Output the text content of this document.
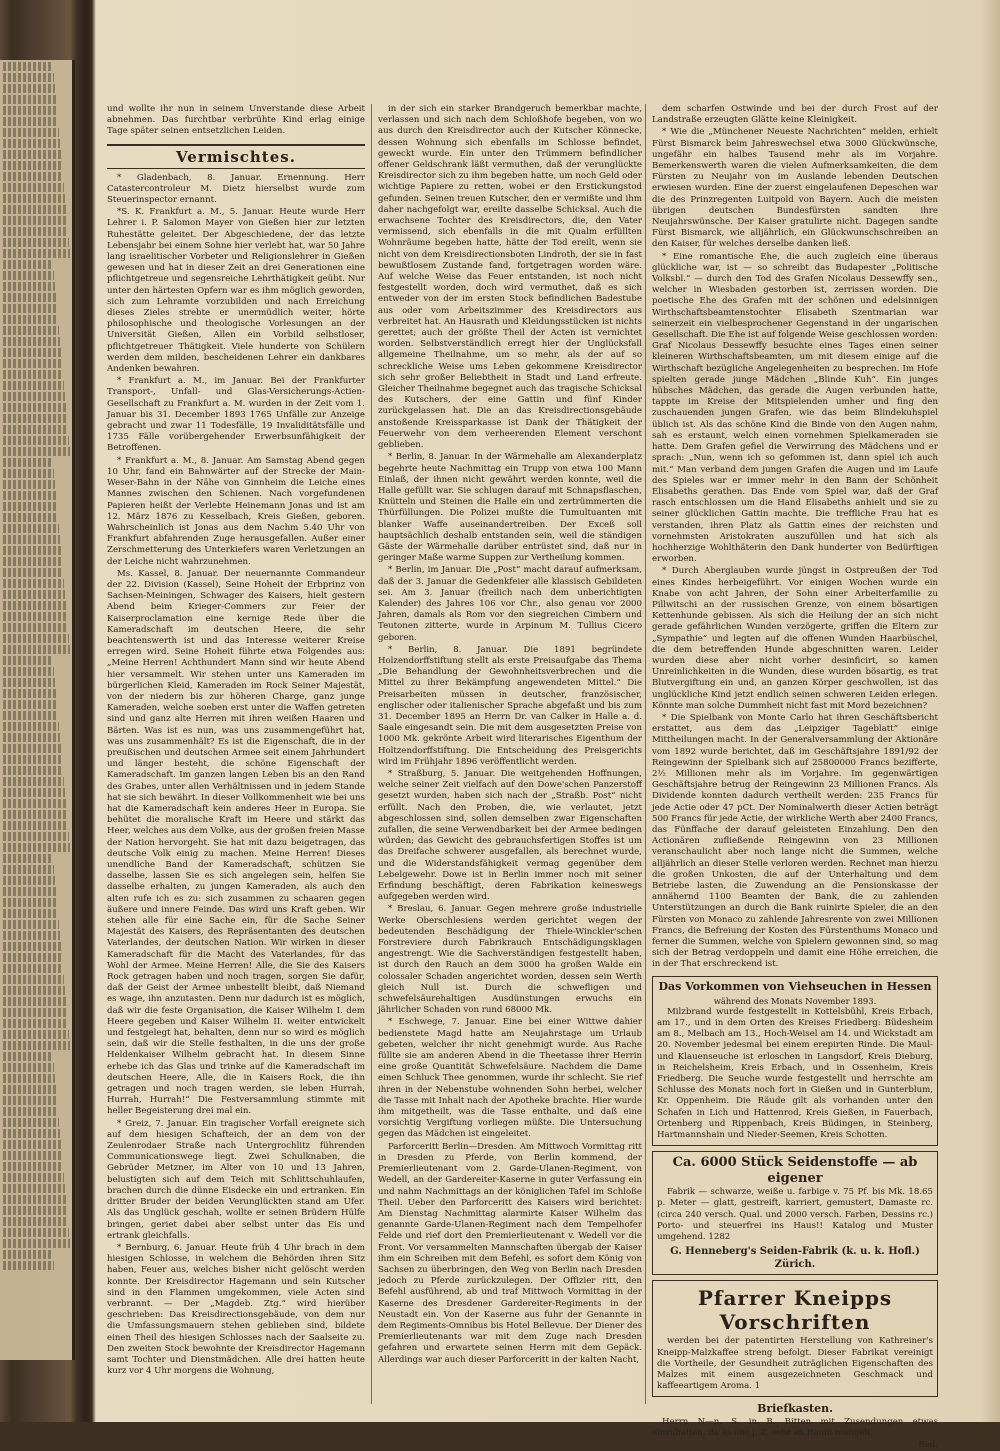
und wollte ihr nun in seinem Unverstande diese Arbeit abnehmen. Das furchtbar verbrühte Kind erlag einige Tage später seinen entsetzlichen Leiden.
Vermischtes.

* Gladenbach, 8. Januar. Ernennung. Herr Catastercontroleur M. Dietz hierselbst wurde zum Steuerinspector ernannt.

*S. K. Frankfurt a. M., 5. Januar. Heute wurde Herr Lehrer i. P. Salomon Mayer von Gießen hier zur letzten Ruhestätte geleitet. Der Abgeschiedene, der das letzte Lebensjahr bei einem Sohne hier verlebt hat, war 50 Jahre lang israelitischer Vorbeter und Religionslehrer in Gießen gewesen und hat in dieser Zeit an drei Generationen eine pflichtgetreue und segensreiche Lehrthätigkeit geübt. Nur unter den härtesten Opfern war es ihm möglich geworden, sich zum Lehramte vorzubilden und nach Erreichung dieses Zieles strebte er unermüdlich weiter, hörte philosophische und theologische Vorlesungen an der Universität Gießen, Allen ein Vorbild selbstloser, pflichtgetreuer Thätigkeit. Viele hunderte von Schülern werden dem milden, bescheidenen Lehrer ein dankbares Andenken bewahren.

* Frankfurt a. M., im Januar. Bei der Frankfurter Transport-, Unfall- und Glas-Versicherungs-Actien-Gesellschaft zu Frankfurt a. M. wurden in der Zeit vom 1. Januar bis 31. December 1893 1765 Unfälle zur Anzeige gebracht und zwar 11 Todesfälle, 19 Invaliditätsfälle und 1735 Fälle vorübergehender Erwerbsunfähigkeit der Betroffenen.

* Frankfurt a. M., 8. Januar. Am Samstag Abend gegen 10 Uhr, fand ein Bahnwärter auf der Strecke der Main-Weser-Bahn in der Nähe von Ginnheim die Leiche eines Mannes zwischen den Schienen. Nach vorgefundenen Papieren heißt der Verlebte Heinemann Jonas und ist am 12. März 1876 zu Kesselbach, Kreis Gießen, geboren. Wahrscheinlich ist Jonas aus dem Nachm 5.40 Uhr von Frankfurt abfahrenden Zuge herausgefallen. Außer einer Zerschmetterung des Unterkiefers waren Verletzungen an der Leiche nicht wahrzunehmen.

Ms. Kassel, 8. Januar. Der neuernannte Commandeur der 22. Division (Kassel), Seine Hoheit der Erbprinz von Sachsen-Meiningen, Schwager des Kaisers, hielt gestern Abend beim Krieger-Commers zur Feier der Kaiserproclamation eine kernige Rede über die Kameradschaft im deutschen Heere, die sehr beachtenswerth ist und das Interesse weiterer Kreise erregen wird. Seine Hoheit führte etwa Folgendes aus: „Meine Herren! Achthundert Mann sind wir heute Abend hier versammelt. Wir stehen unter uns Kameraden im bürgerlichen Kleid, Kameraden im Rock Seiner Majestät, von der niedern bis zur höheren Charge, ganz junge Kameraden, welche soeben erst unter die Waffen getreten sind und ganz alte Herren mit ihren weißen Haaren und Bärten. Was ist es nun, was uns zusammengeführt hat, was uns zusammenhält? Es ist die Eigenschaft, die in der preußischen und deutschen Armee seit einem Jahrhundert und länger besteht, die schöne Eigenschaft der Kameradschaft. Im ganzen langen Leben bis an den Rand des Grabes, unter allen Verhältnissen und in jedem Stande hat sie sich bewährt. In dieser Vollkommenheit wie bei uns hat die Kameradschaft kein anderes Heer in Europa. Sie behütet die moralische Kraft im Heere und stärkt das Heer, welches aus dem Volke, aus der großen freien Masse der Nation hervorgeht. Sie hat mit dazu beigetragen, das deutsche Volk einig zu machen. Meine Herren! Dieses unendliche Band der Kameradschaft, schützen Sie dasselbe, lassen Sie es sich angelegen sein, helfen Sie dasselbe erhalten, zu jungen Kameraden, als auch den alten rufe ich es zu: sich zusammen zu schaaren gegen äußere und innere Feinde. Das wird uns Kraft geben. Wir stehen alle für eine Sache ein, für die Sache Seiner Majestät des Kaisers, des Repräsentanten des deutschen Vaterlandes, der deutschen Nation. Wir wirken in dieser Kameradschaft für die Macht des Vaterlandes, für das Wohl der Armee. Meine Herren! Alle, die Sie des Kaisers Rock getragen haben und noch tragen, sorgen Sie dafür, daß der Geist der Armee unbestellt bleibt, daß Niemand es wage, ihn anzutasten. Denn nur dadurch ist es möglich, daß wir die feste Organisation, die Kaiser Wilhelm I. dem Heere gegeben und Kaiser Wilhelm II. weiter entwickelt und festgelegt hat, behalten, denn nur so wird es möglich sein, daß wir die Stelle festhalten, in die uns der große Heldenkaiser Wilhelm gebracht hat. In diesem Sinne erhebe ich das Glas und trinke auf die Kameradschaft im deutschen Heere, Alle, die in Kaisers Rock, die ihn getragen und noch tragen werden, sie leben Hurrah, Hurrah, Hurrah!“ Die Festversammlung stimmte mit heller Begeisterung drei mal ein.

* Greiz, 7. Januar. Ein tragischer Vorfall ereignete sich auf dem hiesigen Schafteich, der an dem von der Zeulenrodaer Straße nach Untergrochlitz führenden Communicationswege liegt. Zwei Schulknaben, die Gebrüder Metzner, im Alter von 10 und 13 Jahren, belustigten sich auf dem Teich mit Schlittschuhlaufen, brachen durch die dünne Eisdecke ein und ertranken. Ein dritter Bruder der beiden Verunglückten stand am Ufer. Als das Unglück geschah, wollte er seinen Brüdern Hülfe bringen, geriet dabei aber selbst unter das Eis und ertrank gleichfalls.

* Bernburg, 6. Januar. Heute früh 4 Uhr brach in dem hiesigen Schlosse, in welchem die Behörden ihren Sitz haben, Feuer aus, welches bisher nicht gelöscht werden konnte. Der Kreisdirector Hagemann und sein Kutscher sind in den Flammen umgekommen, viele Acten sind verbrannt. — Der „Magdeb. Ztg.“ wird hierüber geschrieben: Das Kreisdirectionsgebäude, von dem nur die Umfassungsmauern stehen geblieben sind, bildete einen Theil des hiesigen Schlosses nach der Saalseite zu. Den zweiten Stock bewohnte der Kreisdirector Hagemann samt Tochter und Dienstmädchen. Alle drei hatten heute kurz vor 4 Uhr morgens die Wohnung,

in der sich ein starker Brandgeruch bemerkbar machte, verlassen und sich nach dem Schloßhofe begeben, von wo aus durch den Kreisdirector auch der Kutscher Könnecke, dessen Wohnung sich ebenfalls im Schlosse befindet, geweckt wurde. Ein unter den Trümmern befindlicher offener Geldschrank läßt vermuthen, daß der verunglückte Kreisdirector sich zu ihm begeben hatte, um noch Geld oder wichtige Papiere zu retten, wobei er den Erstickungstod gefunden. Seinen treuen Kutscher, den er vermißte und ihm daher nachgefolgt war, ereilte dasselbe Schicksal. Auch die erwachsene Tochter des Kreisdirectors, die, den Vater vermissend, sich ebenfalls in die mit Qualm erfüllten Wohnräume begeben hatte, hätte der Tod ereilt, wenn sie nicht von dem Kreisdirectionsboten Lindroth, der sie in fast bewußtlosem Zustande fand, fortgetragen worden wäre. Auf welche Weise das Feuer entstanden, ist noch nicht festgestellt worden, doch wird vermuthet, daß es sich entweder von der im ersten Stock befindlichen Badestube aus oder vom Arbeitszimmer des Kreisdirectors aus verbreitet hat. An Hausrath und Kleidungsstücken ist nichts gerettet; auch der größte Theil der Acten ist vernichtet worden. Selbstverständlich erregt hier der Unglücksfall allgemeine Theilnahme, um so mehr, als der auf so schreckliche Weise ums Leben gekommene Kreisdirector sich sehr großer Beliebtheit in Stadt und Land erfreute. Gleicher Theilnahme begegnet auch das tragische Schicksal des Kutschers, der eine Gattin und fünf Kinder zurückgelassen hat. Die an das Kreisdirectionsgebäude anstoßende Kreissparkasse ist Dank der Thätigkeit der Feuerwehr von dem verheerenden Element verschont geblieben.

* Berlin, 8. Januar. In der Wärmehalle am Alexanderplatz begehrte heute Nachmittag ein Trupp von etwa 100 Mann Einlaß, der ihnen nicht gewährt werden konnte, weil die Halle gefüllt war. Sie schlugen darauf mit Schnapsflaschen, Knütteln und Steinen die Halle ein und zertrümmerten die Thürfüllungen. Die Polizei mußte die Tumultuanten mit blanker Waffe auseinandertreiben. Der Exceß soll hauptsächlich deshalb entstanden sein, weil die ständigen Gäste der Wärmehalle darüber entrüstet sind, daß nur in geringer Maße warme Suppen zur Vertheilung kommen.

* Berlin, im Januar. Die „Post“ macht darauf aufmerksam, daß der 3. Januar die Gedenkfeier alle klassisch Gebildeten sei. Am 3. Januar (freilich nach dem unberichtigten Kalender) des Jahres 106 vor Chr., also genau vor 2000 Jahren, damals als Rom vor den siegreichen Cimbern und Teutonen zitterte, wurde in Arpinum M. Tullius Cicero geboren.

* Berlin, 8. Januar. Die 1891 begründete Holzendorffstiftung stellt als erste Preisaufgabe das Thema „Die Behandlung der Gewohnheitsverbrechen und die Mittel zu ihrer Bekämpfung angewendeten Mittel.“ Die Preisarbeiten müssen in deutscher, französischer, englischer oder italienischer Sprache abgefaßt und bis zum 31. December 1895 an Herrn Dr. van Calker in Halle a. d. Saale eingesandt sein. Die mit dem ausgesetzten Preise von 1000 Mk. gekrönte Arbeit wird literarisches Eigenthum der Holtzendorffstiftung. Die Entscheidung des Preisgerichts wird im Frühjahr 1896 veröffentlicht werden.

* Straßburg, 5. Januar. Die weitgehenden Hoffnungen, welche seiner Zeit vielfach auf den Dowe'schen Panzerstoff gesetzt wurden, haben sich nach der „Straßb. Post“ nicht erfüllt. Nach den Proben, die, wie verlautet, jetzt abgeschlossen sind, sollen demselben zwar Eigenschaften zufallen, die seine Verwendbarkeit bei der Armee bedingen würden; das Gewicht des gebrauchsfertigen Stoffes ist um das Dreifache schwerer ausgefallen, als berechnet wurde, und die Widerstandsfähigkeit vermag gegenüber dem Lebelgewehr. Dowe ist in Berlin immer noch mit seiner Erfindung beschäftigt, deren Fabrikation keineswegs aufgegeben werden wird.

* Breslau, 6. Januar. Gegen mehrere große industrielle Werke Oberschlesiens werden gerichtet wegen der bedeutenden Beschädigung der Thiele-Winckler'schen Forstreviere durch Fabrikrauch Entschädigungsklagen angestrengt. Wie die Sachverständigen festgestellt haben, ist durch den Rauch an dem 3000 ha großen Walde ein colossaler Schaden angerichtet worden, dessen sein Werth gleich Null ist. Durch die schwefligen und schwefelsäurehaltigen Ausdünstungen erwuchs ein jährlicher Schaden von rund 68000 Mk.

* Eschwege, 7. Januar. Eine bei einer Wittwe dahier bedienstete Magd hatte am Neujahrstage um Urlaub gebeten, welcher ihr nicht genehmigt wurde. Aus Rache füllte sie am anderen Abend in die Theetasse ihrer Herrin eine große Quantität Schwefelsäure. Nachdem die Dame einen Schluck Thee genommen, wurde ihr schlecht. Sie rief ihren in der Nebenstube wohnenden Sohn herbei, welcher die Tasse mit Inhalt nach der Apotheke brachte. Hier wurde ihm mitgetheilt, was die Tasse enthalte, und daß eine vorsichtig Vergiftung vorliegen müßte. Die Untersuchung gegen das Mädchen ist eingeleitet.

Parforceritt Berlin—Dresden. Am Mittwoch Vormittag ritt in Dresden zu Pferde, von Berlin kommend, der Premierlieutenant vom 2. Garde-Ulanen-Regiment, von Wedell, an der Gardereiter-Kaserne in guter Verfassung ein und nahm Nachmittags an der königlichen Tafel im Schloße Theil. Ueber den Parforceritt des Kaisers wird berichtet: Am Dienstag Nachmittag alarmirte Kaiser Wilhelm das genannte Garde-Ulanen-Regiment nach dem Tempelhofer Felde und rief dort den Premierlieutenant v. Wedell vor die Front. Vor versammelten Mannschaften übergab der Kaiser ihm ein Schreiben mit dem Befehl, es sofort dem König von Sachsen zu überbringen, den Weg von Berlin nach Dresden jedoch zu Pferde zurückzulegen. Der Offizier ritt, den Befehl ausführend, ab und traf Mittwoch Vormittag in der Kaserne des Dresdener Gardereiter-Regiments in der Neustadt ein. Von der Kaserne aus fuhr der Genannte in dem Regiments-Omnibus bis Hotel Bellevue. Der Diener des Premierlieutenants war mit dem Zuge nach Dresden gefahren und erwartete seinen Herrn mit dem Gepäck. Allerdings war auch dieser Parforceritt in der kalten Nacht,

dem scharfen Ostwinde und bei der durch Frost auf der Landstraße erzeugten Glätte keine Kleinigkeit.

* Wie die „Münchener Neueste Nachrichten“ melden, erhielt Fürst Bismarck beim Jahreswechsel etwa 3000 Glückwünsche, ungefähr ein halbes Tausend mehr als im Vorjahre. Bemerkenswerth waren die vielen Aufmerksamkeiten, die dem Fürsten zu Neujahr von im Auslande lebenden Deutschen erwiesen wurden. Eine der zuerst eingelaufenen Depeschen war die des Prinzregenten Luitpold von Bayern. Auch die meisten übrigen deutschen Bundesfürsten sandten ihre Neujahrswünsche. Der Kaiser gratulirte nicht. Dagegen sandte Fürst Bismarck, wie alljährlich, ein Glückwunschschreiben an den Kaiser, für welches derselbe danken ließ.

* Eine romantische Ehe, die auch zugleich eine überaus glückliche war, ist — so schreibt das Budapester „Politische Volksbl.“ — durch den Tod des Grafen Nicolaus Dessewffy sen., welcher in Wiesbaden gestorben ist, zerrissen worden. Die poetische Ehe des Grafen mit der schönen und edelsinnigen Wirthschaftsbeamtenstochter Elisabeth Szentmarian war seinerzeit ein vielbesprochener Gegenstand in der ungarischen Gesellschaft. Die Ehe ist auf folgende Weise geschlossen worden: Graf Nicolaus Dessewffy besuchte eines Tages einen seiner kleineren Wirthschaftsbeamten, um mit diesem einige auf die Wirthschaft bezügliche Angelegenheiten zu besprechen. Im Hofe spielten gerade junge Mädchen „Blinde Kuh“. Ein junges hübsches Mädchen, das gerade die Augen verbunden hatte, tappte im Kreise der Mitspielenden umher und fing den zuschauenden jungen Grafen, wie das beim Blindekuhspiel üblich ist. Als das schöne Kind die Binde von den Augen nahm, sah es erstaunt, welch einen vornehmen Spielkameraden sie hatte. Dem Grafen gefiel die Verwirrung des Mädchens und er sprach: „Nun, wenn ich so gefommen ist, dann spiel ich auch mit.“ Man verband dem jungen Grafen die Augen und im Laufe des Spieles war er immer mehr in den Bann der Schönheit Elisabeths gerathen. Das Ende vom Spiel war, daß der Graf rasch entschlossen um die Hand Elisabeths anhielt und sie zu seiner glücklichen Gattin machte. Die treffliche Frau hat es verstanden, ihren Platz als Gattin eines der reichsten und vornehmsten Aristokraten auszufüllen und hat sich als hochherzige Wohlthäterin den Dank hunderter von Bedürftigen erworben.

* Durch Aberglauben wurde jüngst in Ostpreußen der Tod eines Kindes herbeigeführt. Vor einigen Wochen wurde ein Knabe von acht Jahren, der Sohn einer Arbeiterfamilie zu Pillwitschi an der russischen Grenze, von einem bösartigen Kettenhunde gebissen. Als sich die Heilung der an sich nicht gerade gefährlichen Wunden verzögerte, griffen die Eltern zur „Sympathie“ und legten auf die offenen Wunden Haarbüschel, die dem betreffenden Hunde abgeschnitten waren. Leider wurden diese aber nicht vorher desinficirt, so kamen Unreinlichkeiten in die Wunden, diese wurden bösartig, es trat Blutvergiftung ein und, an ganzen Körper geschwollen, ist das unglückliche Kind jetzt endlich seinen schweren Leiden erlegen. Könnte man solche Dummheit nicht fast mit Mord bezeichnen?

* Die Spielbank von Monte Carlo hat ihren Geschäftsbericht erstattet, aus dem das „Leipziger Tageblatt“ einige Mittheilungen macht. In der Generalversammlung der Aktionäre vom 1892 wurde berichtet, daß im Geschäftsjahre 1891/92 der Reingewinn der Spielbank sich auf 25800000 Francs bezifferte, 2½ Millionen mehr als im Vorjahre. Im gegenwärtigen Geschäftsjahre betrug der Reingewinn 23 Millionen Francs. Als Dividende konnten dadurch vertheilt werden: 235 Francs für jede Actie oder 47 pCt. Der Nominalwerth dieser Actien beträgt 500 Francs für jede Actie, der wirkliche Werth aber 2400 Francs, das Fünffache der darauf geleisteten Einzahlung. Den den Actionären zufließende Reingewinn von 23 Millionen veranschaulicht aber noch lange nicht die Summen, welche alljährlich an dieser Stelle verloren werden. Rechnet man hierzu die großen Unkosten, die auf der Unterhaltung und dem Betriebe lasten, die Zuwendung an die Pensionskasse der annähernd 1100 Beamten der Bank, die zu zahlenden Unterstützungen an durch die Bank ruinirte Spieler, die an den Fürsten von Monaco zu zahlende Jahresrente von zwei Millionen Francs, die Befreiung der Kosten des Fürstenthums Monaco und ferner die Summen, welche von Spielern gewonnen sind, so mag sich der Betrag verdoppeln und damit eine Höhe erreichen, die in der That erschreckend ist.

Das Vorkommen von Viehseuchen in Hessen
während des Monats November 1893.

Milzbrand wurde festgestellt in Kottelsbühl, Kreis Erbach, am 17., und in dem Orten des Kreises Friedberg: Büdesheim am 8., Melbach am 13., Hoch-Weisel am 14. und Wickstadt am 20. November jedesmal bei einem erepirten Rinde. Die Maul- und Klauenseuche ist erloschen in Langsdorf, Kreis Dieburg, in Reichelsheim, Kreis Erbach, und in Ossenheim, Kreis Friedberg. Die Seuche wurde festgestellt und herrschte am Schlusse des Monats noch fort in Gießen und in Gunterblum, Kr. Oppenheim. Die Räude gilt als vorhanden unter den Schafen in Lich und Hattenrod, Kreis Gießen, in Fauerbach, Ortenberg und Rippenbach, Kreis Büdingen, in Steinberg, Hartmannshain und Nieder-Seemen, Kreis Schotten.

Ca. 6000 Stück Seidenstoffe — ab eigener

Fabrik — schwarze, weiße u. farbige v. 75 Pf. bis Mk. 18.65 p. Meter — glatt, gestreift, karriert, gemustert, Damaste rc. (circa 240 versch. Qual. und 2000 versch. Farben, Dessins rc.) Porto- und steuerfrei ins Haus!! Katalog und Muster umgehend. 1282

G. Henneberg's Seiden-Fabrik (k. u. k. Hofl.) Zürich.
Pfarrer Kneipps Vorschriften

werden bei der patentirten Herstellung von Kathreiner's Kneipp-Malzkaffee streng befolgt. Dieser Fabrikat vereinigt die Vortheile, der Gesundheit zuträglichen Eigenschaften des Malzes mit einem ausgezeichneten Geschmack und kaffeeartigem Aroma. 1

Briefkasten.

Herrn N—n. S. in B. Bitten mit Zusendungen etwas einzuhalten, da es uns j. Z. sehr an Raum mangelt.

Red.
